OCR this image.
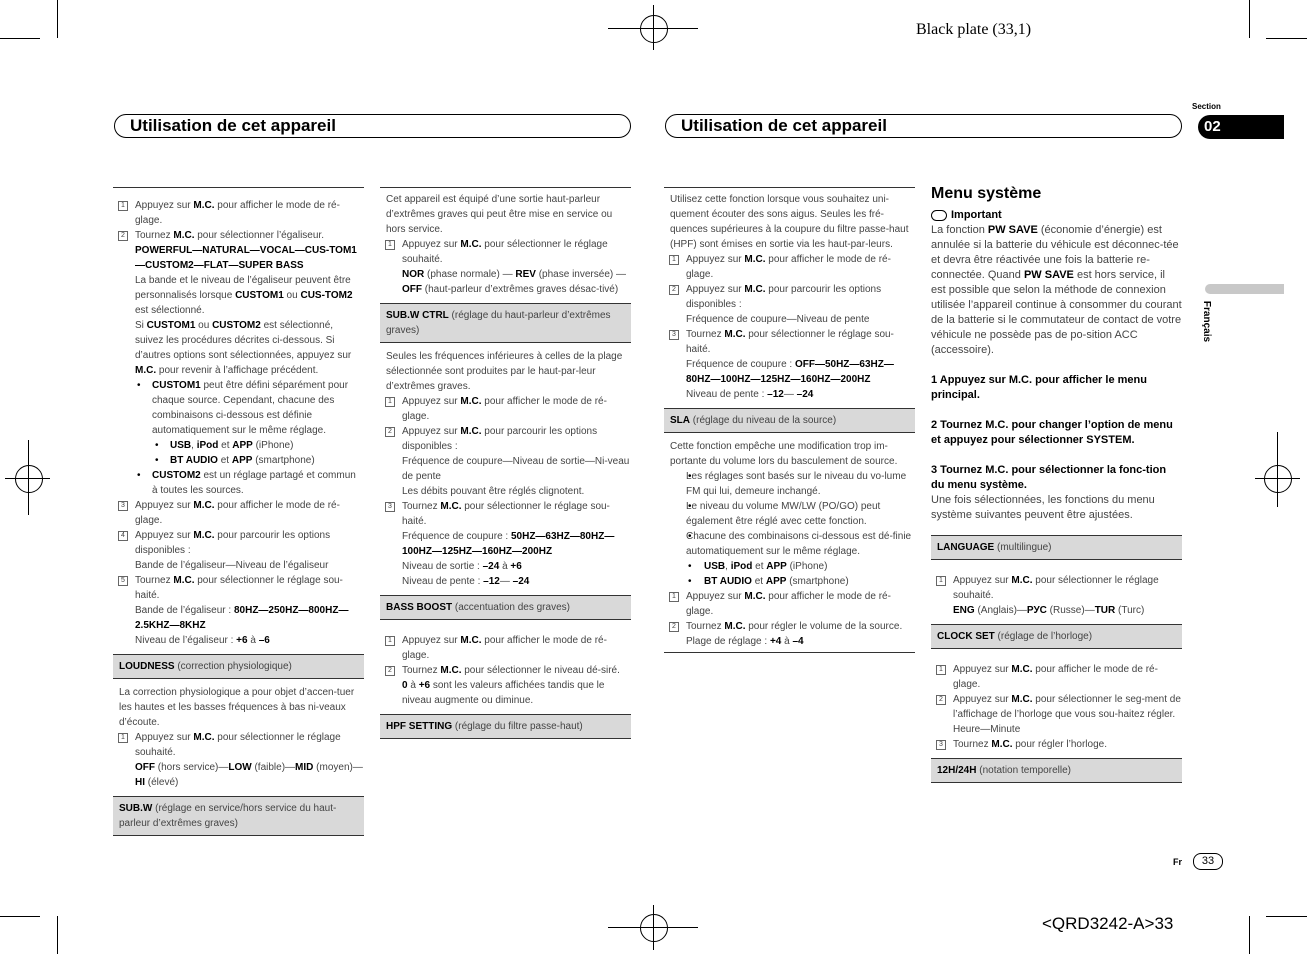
Black plate (33,1)
Utilisation de cet appareil	Utilisation de cet appareil
Section
02
Français
1	Appuyez sur M.C. pour afficher le mode de ré-glage.
2	Tournez M.C. pour sélectionner l’égaliseur.
POWERFUL—NATURAL—VOCAL—CUS-TOM1—CUSTOM2—FLAT—SUPER BASS
La bande et le niveau de l’égaliseur peuvent être personnalisés lorsque CUSTOM1 ou CUS-TOM2 est sélectionné.
Si CUSTOM1 ou CUSTOM2 est sélectionné, suivez les procédures décrites ci-dessous. Si d’autres options sont sélectionnées, appuyez sur M.C. pour revenir à l’affichage précédent.
• CUSTOM1 peut être défini séparément pour chaque source. Cependant, chacune des combinaisons ci-dessous est définie automatiquement sur le même réglage.
• USB, iPod et APP (iPhone)
• BT AUDIO et APP (smartphone)
• CUSTOM2 est un réglage partagé et commun à toutes les sources.
3	Appuyez sur M.C. pour afficher le mode de ré-glage.
4	Appuyez sur M.C. pour parcourir les options disponibles :
Bande de l’égaliseur—Niveau de l’égaliseur
5	Tournez M.C. pour sélectionner le réglage sou-haité.
Bande de l’égaliseur : 80HZ—250HZ—800HZ—2.5KHZ—8KHZ
Niveau de l’égaliseur : +6 à –6
LOUDNESS (correction physiologique)
La correction physiologique a pour objet d’accen-tuer les hautes et les basses fréquences à bas ni-veaux d’écoute.
1	Appuyez sur M.C. pour sélectionner le réglage souhaité.
OFF (hors service)—LOW (faible)—MID (moyen)—HI (élevé)
SUB.W (réglage en service/hors service du haut-parleur d’extrêmes graves)
Cet appareil est équipé d’une sortie haut-parleur d’extrêmes graves qui peut être mise en service ou hors service.
1	Appuyez sur M.C. pour sélectionner le réglage souhaité.
NOR (phase normale) — REV (phase inversée) — OFF (haut-parleur d’extrêmes graves désac-tivé)
SUB.W CTRL (réglage du haut-parleur d’extrêmes graves)
Seules les fréquences inférieures à celles de la plage sélectionnée sont produites par le haut-par-leur d’extrêmes graves.
1	Appuyez sur M.C. pour afficher le mode de ré-glage.
2	Appuyez sur M.C. pour parcourir les options disponibles :
Fréquence de coupure—Niveau de sortie—Ni-veau de pente
Les débits pouvant être réglés clignotent.
3	Tournez M.C. pour sélectionner le réglage sou-haité.
Fréquence de coupure : 50HZ—63HZ—80HZ—100HZ—125HZ—160HZ—200HZ
Niveau de sortie : –24 à +6
Niveau de pente : –12— –24
BASS BOOST (accentuation des graves)
1	Appuyez sur M.C. pour afficher le mode de ré-glage.
2	Tournez M.C. pour sélectionner le niveau dé-siré.
0 à +6 sont les valeurs affichées tandis que le niveau augmente ou diminue.
HPF SETTING (réglage du filtre passe-haut)
Utilisez cette fonction lorsque vous souhaitez uni-quement écouter des sons aigus. Seules les fré-quences supérieures à la coupure du filtre passe-haut (HPF) sont émises en sortie via les haut-par-leurs.
1	Appuyez sur M.C. pour afficher le mode de ré-glage.
2	Appuyez sur M.C. pour parcourir les options disponibles :
Fréquence de coupure—Niveau de pente
3	Tournez M.C. pour sélectionner le réglage sou-haité.
Fréquence de coupure : OFF—50HZ—63HZ—80HZ—100HZ—125HZ—160HZ—200HZ
Niveau de pente : –12— –24
SLA (réglage du niveau de la source)
Cette fonction empêche une modification trop im-portante du volume lors du basculement de source.
• Les réglages sont basés sur le niveau du vo-lume FM qui lui, demeure inchangé.
• Le niveau du volume MW/LW (PO/GO) peut également être réglé avec cette fonction.
• Chacune des combinaisons ci-dessous est dé-finie automatiquement sur le même réglage.
• USB, iPod et APP (iPhone)
• BT AUDIO et APP (smartphone)
1	Appuyez sur M.C. pour afficher le mode de ré-glage.
2	Tournez M.C. pour régler le volume de la source.
Plage de réglage : +4 à –4
Menu système
Important
La fonction PW SAVE (économie d’énergie) est annulée si la batterie du véhicule est déconnec-tée et devra être réactivée une fois la batterie re-connectée. Quand PW SAVE est hors service, il est possible que selon la méthode de connexion utilisée l’appareil continue à consommer du courant de la batterie si le commutateur de contact de votre véhicule ne possède pas de po-sition ACC (accessoire).
1 Appuyez sur M.C. pour afficher le menu principal.
2 Tournez M.C. pour changer l’option de menu et appuyez pour sélectionner SYSTEM.
3 Tournez M.C. pour sélectionner la fonc-tion du menu système.
Une fois sélectionnées, les fonctions du menu système suivantes peuvent être ajustées.
LANGUAGE (multilingue)
1	Appuyez sur M.C. pour sélectionner le réglage souhaité.
ENG (Anglais)—РУС (Russe)—TUR (Turc)
CLOCK SET (réglage de l’horloge)
1	Appuyez sur M.C. pour afficher le mode de ré-glage.
2	Appuyez sur M.C. pour sélectionner le seg-ment de l’affichage de l’horloge que vous sou-haitez régler.
Heure—Minute
3	Tournez M.C. pour régler l’horloge.
12H/24H (notation temporelle)
Fr	33
<QRD3242-A>33
